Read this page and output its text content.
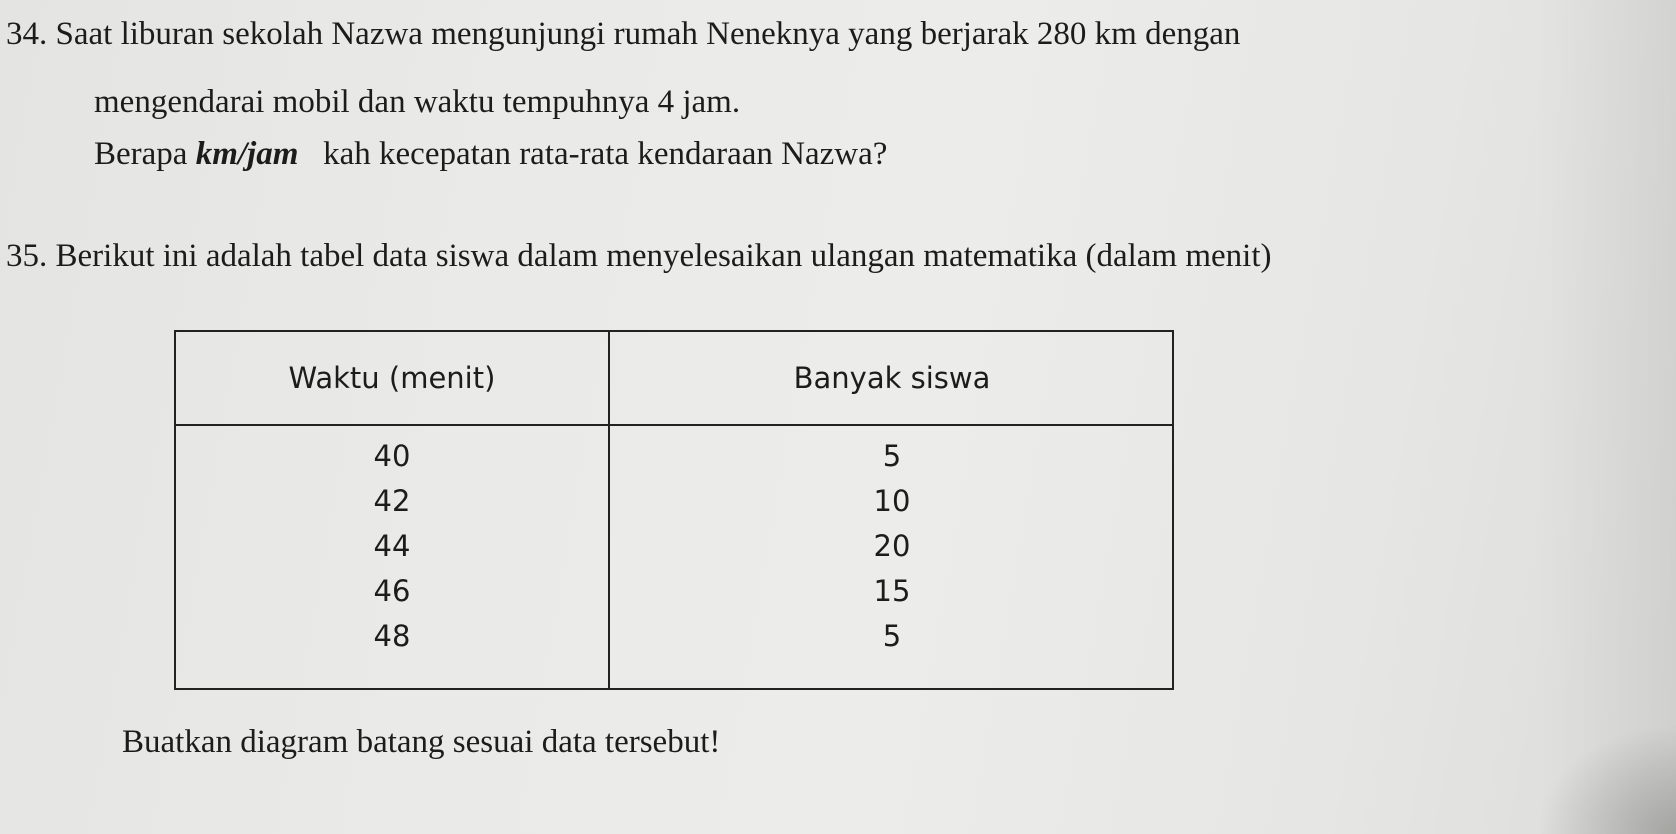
34. Saat liburan sekolah Nazwa mengunjungi rumah Neneknya yang berjarak 280 km dengan
mengendarai mobil dan waktu tempuhnya 4 jam.
Berapa km/jam   kah kecepatan rata-rata kendaraan Nazwa?
35. Berikut ini adalah tabel data siswa dalam menyelesaikan ulangan matematika (dalam menit)
Waktu (menit)	Banyak siswa
40
42
44
46
48
5
10
20
15
5
Buatkan diagram batang sesuai data tersebut!
